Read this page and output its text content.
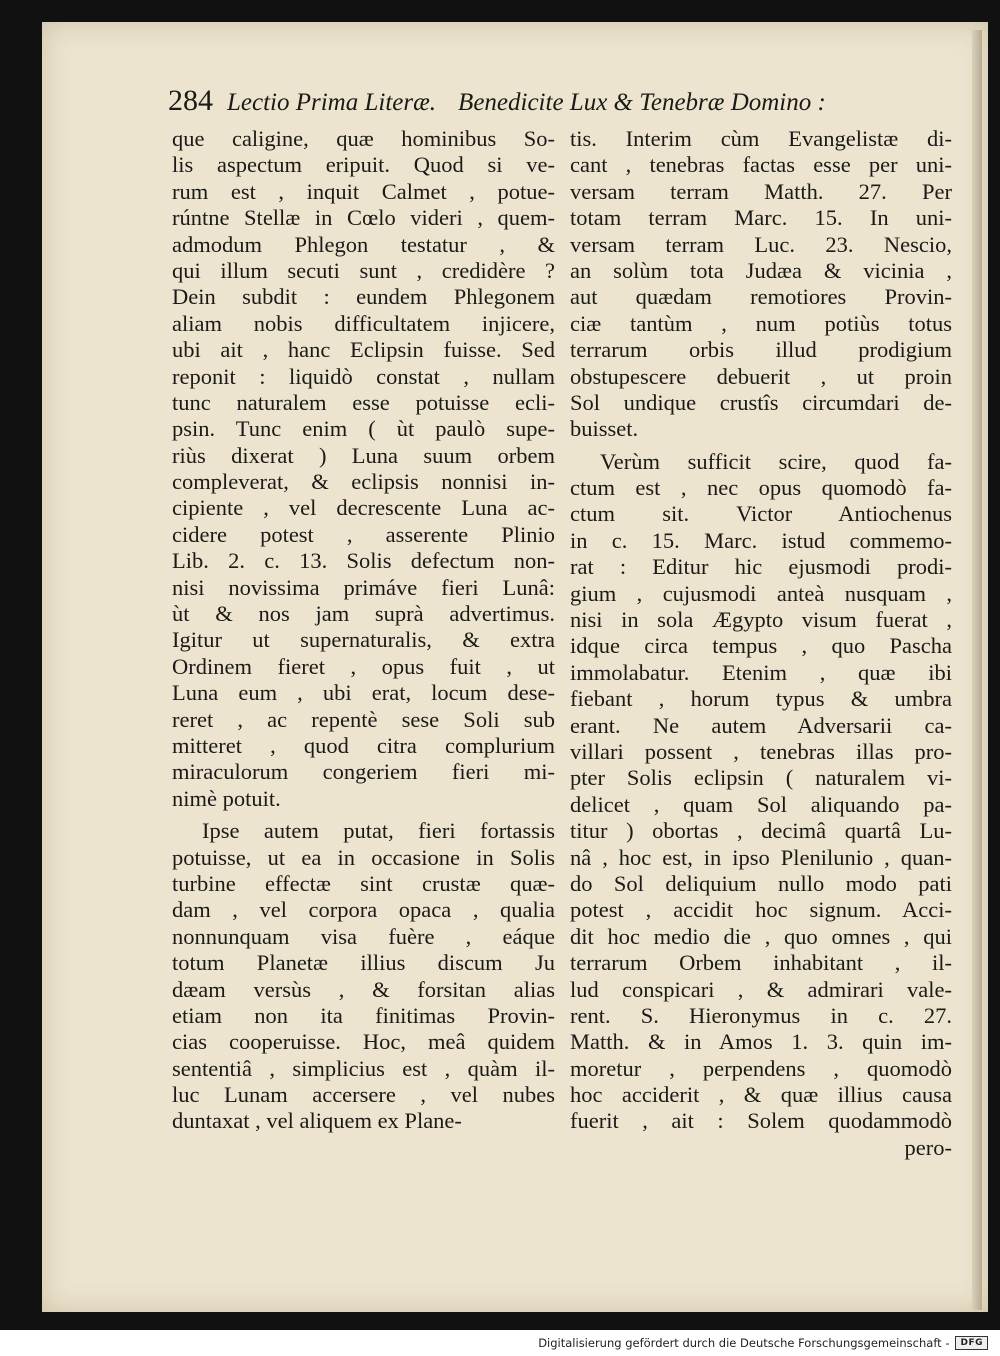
284 Lectio Prima Literæ. Benedicite Lux & Tenebræ Domino :
que caligine, quæ hominibus So-
lis aspectum eripuit. Quod si ve-
rum est , inquit Calmet , potue-
rúntne Stellæ in Cœlo videri , quem-
admodum Phlegon testatur , &
qui illum secuti sunt , credidère ?
Dein subdit : eundem Phlegonem
aliam nobis difficultatem injicere,
ubi ait , hanc Eclipsin fuisse. Sed
reponit : liquidò constat , nullam
tunc naturalem esse potuisse ecli-
psin. Tunc enim ( ùt paulò supe-
riùs dixerat ) Luna suum orbem
compleverat, & eclipsis nonnisi in-
cipiente , vel decrescente Luna ac-
cidere potest , asserente Plinio
Lib. 2. c. 13. Solis defectum non-
nisi novissima primáve fieri Lunâ:
ùt & nos jam suprà advertimus.
Igitur ut supernaturalis, & extra
Ordinem fieret , opus fuit , ut
Luna eum , ubi erat, locum dese-
reret , ac repentè sese Soli sub
mitteret , quod citra complurium
miraculorum congeriem fieri mi-
nimè potuit.
Ipse autem putat, fieri fortassis
potuisse, ut ea in occasione in Solis
turbine effectæ sint crustæ quæ-
dam , vel corpora opaca , qualia
nonnunquam visa fuère , eáque
totum Planetæ illius discum Ju
dæam versùs , & forsitan alias
etiam non ita finitimas Provin-
cias cooperuisse. Hoc, meâ quidem
sententiâ , simplicius est , quàm il-
luc Lunam accersere , vel nubes
duntaxat , vel aliquem ex Plane-
tis. Interim cùm Evangelistæ di-
cant , tenebras factas esse per uni-
versam terram Matth. 27. Per
totam terram Marc. 15. In uni-
versam terram Luc. 23. Nescio,
an solùm tota Judæa & vicinia ,
aut quædam remotiores Provin-
ciæ tantùm , num potiùs totus
terrarum orbis illud prodigium
obstupescere debuerit , ut proin
Sol undique crustîs circumdari de-
buisset.
Verùm sufficit scire, quod fa-
ctum est , nec opus quomodò fa-
ctum sit. Victor Antiochenus
in c. 15. Marc. istud commemo-
rat : Editur hic ejusmodi prodi-
gium , cujusmodi anteà nusquam ,
nisi in sola Ægypto visum fuerat ,
idque circa tempus , quo Pascha
immolabatur. Etenim , quæ ibi
fiebant , horum typus & umbra
erant. Ne autem Adversarii ca-
villari possent , tenebras illas pro-
pter Solis eclipsin ( naturalem vi-
delicet , quam Sol aliquando pa-
titur ) obortas , decimâ quartâ Lu-
nâ , hoc est, in ipso Plenilunio , quan-
do Sol deliquium nullo modo pati
potest , accidit hoc signum. Acci-
dit hoc medio die , quo omnes , qui
terrarum Orbem inhabitant , il-
lud conspicari , & admirari vale-
rent. S. Hieronymus in c. 27.
Matth. & in Amos 1. 3. quin im-
moretur , perpendens , quomodò
hoc acciderit , & quæ illius causa
fuerit , ait : Solem quodammodò
pero-
Digitalisierung gefördert durch die Deutsche Forschungsgemeinschaft -	DFG
